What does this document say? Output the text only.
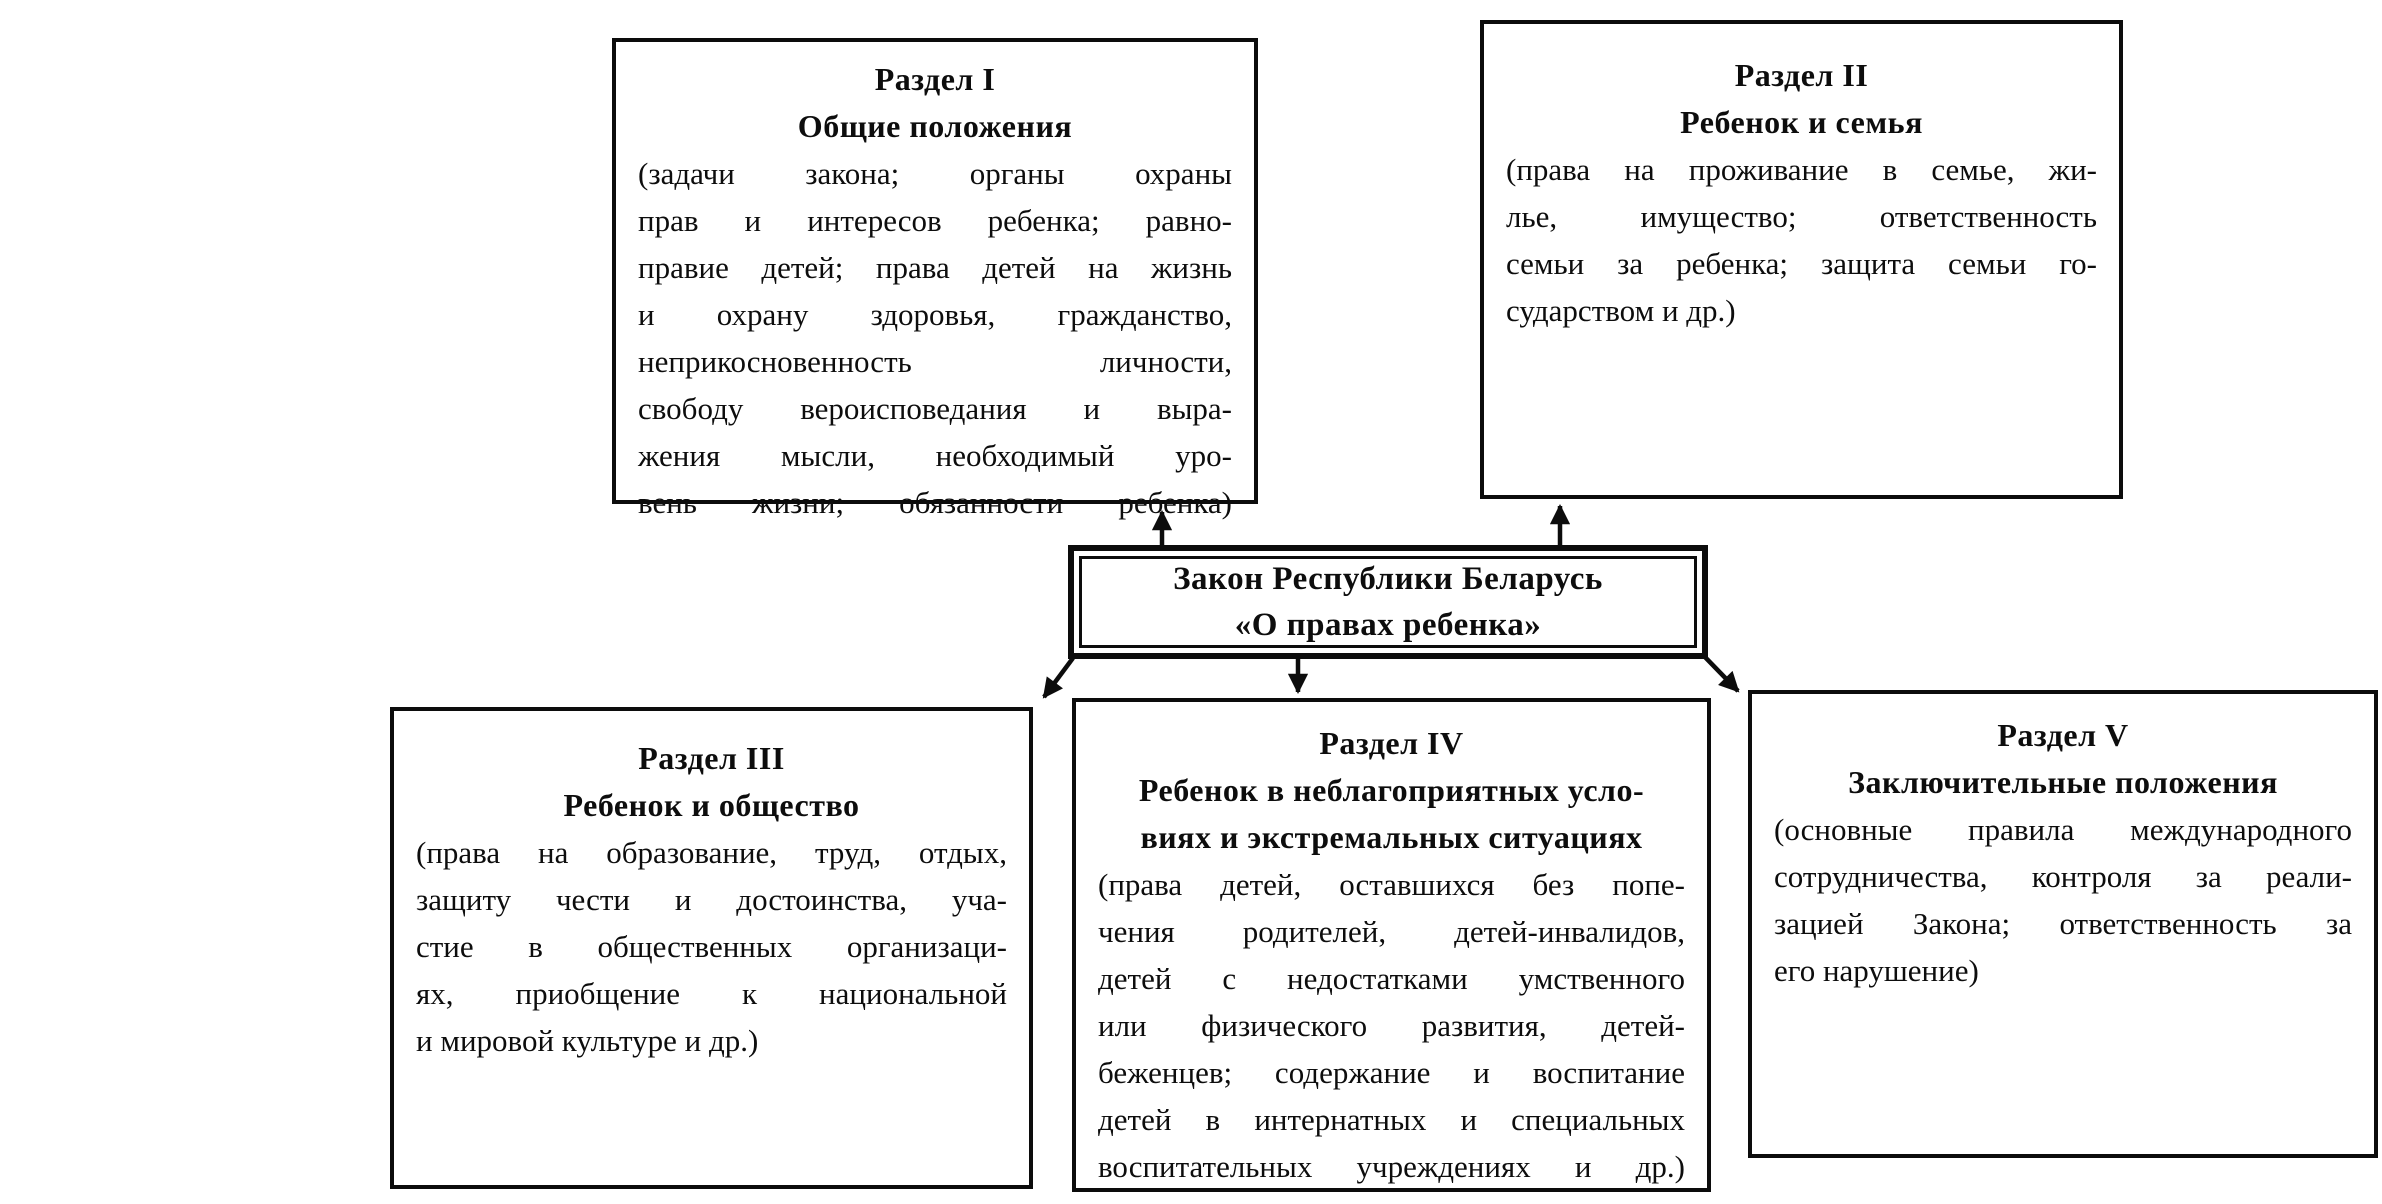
Раздел I
Общие положения
(задачи закона; органы охраны
прав и интересов ребенка; равно-
правие детей; права детей на жизнь
и охрану здоровья, гражданство,
неприкосновенность личности,
свободу вероисповедания и выра-
жения мысли, необходимый уро-
вень жизни; обязанности ребенка)
Раздел II
Ребенок и семья
(права на проживание в семье, жи-
лье, имущество; ответственность
семьи за ребенка; защита семьи го-
сударством и др.)
Закон Республики Беларусь
«О правах ребенка»
Раздел III
Ребенок и общество
(права на образование, труд, отдых,
защиту чести и достоинства, уча-
стие в общественных организаци-
ях, приобщение к национальной
и мировой культуре и др.)
Раздел IV
Ребенок в неблагоприятных усло-
виях и экстремальных ситуациях
(права детей, оставшихся без попе-
чения родителей, детей-инвалидов,
детей с недостатками умственного
или физического развития, детей-
беженцев; содержание и воспитание
детей в интернатных и специальных
воспитательных учреждениях и др.)
Раздел V
Заключительные положения
(основные правила международного
сотрудничества, контроля за реали-
зацией Закона; ответственность за
его нарушение)
